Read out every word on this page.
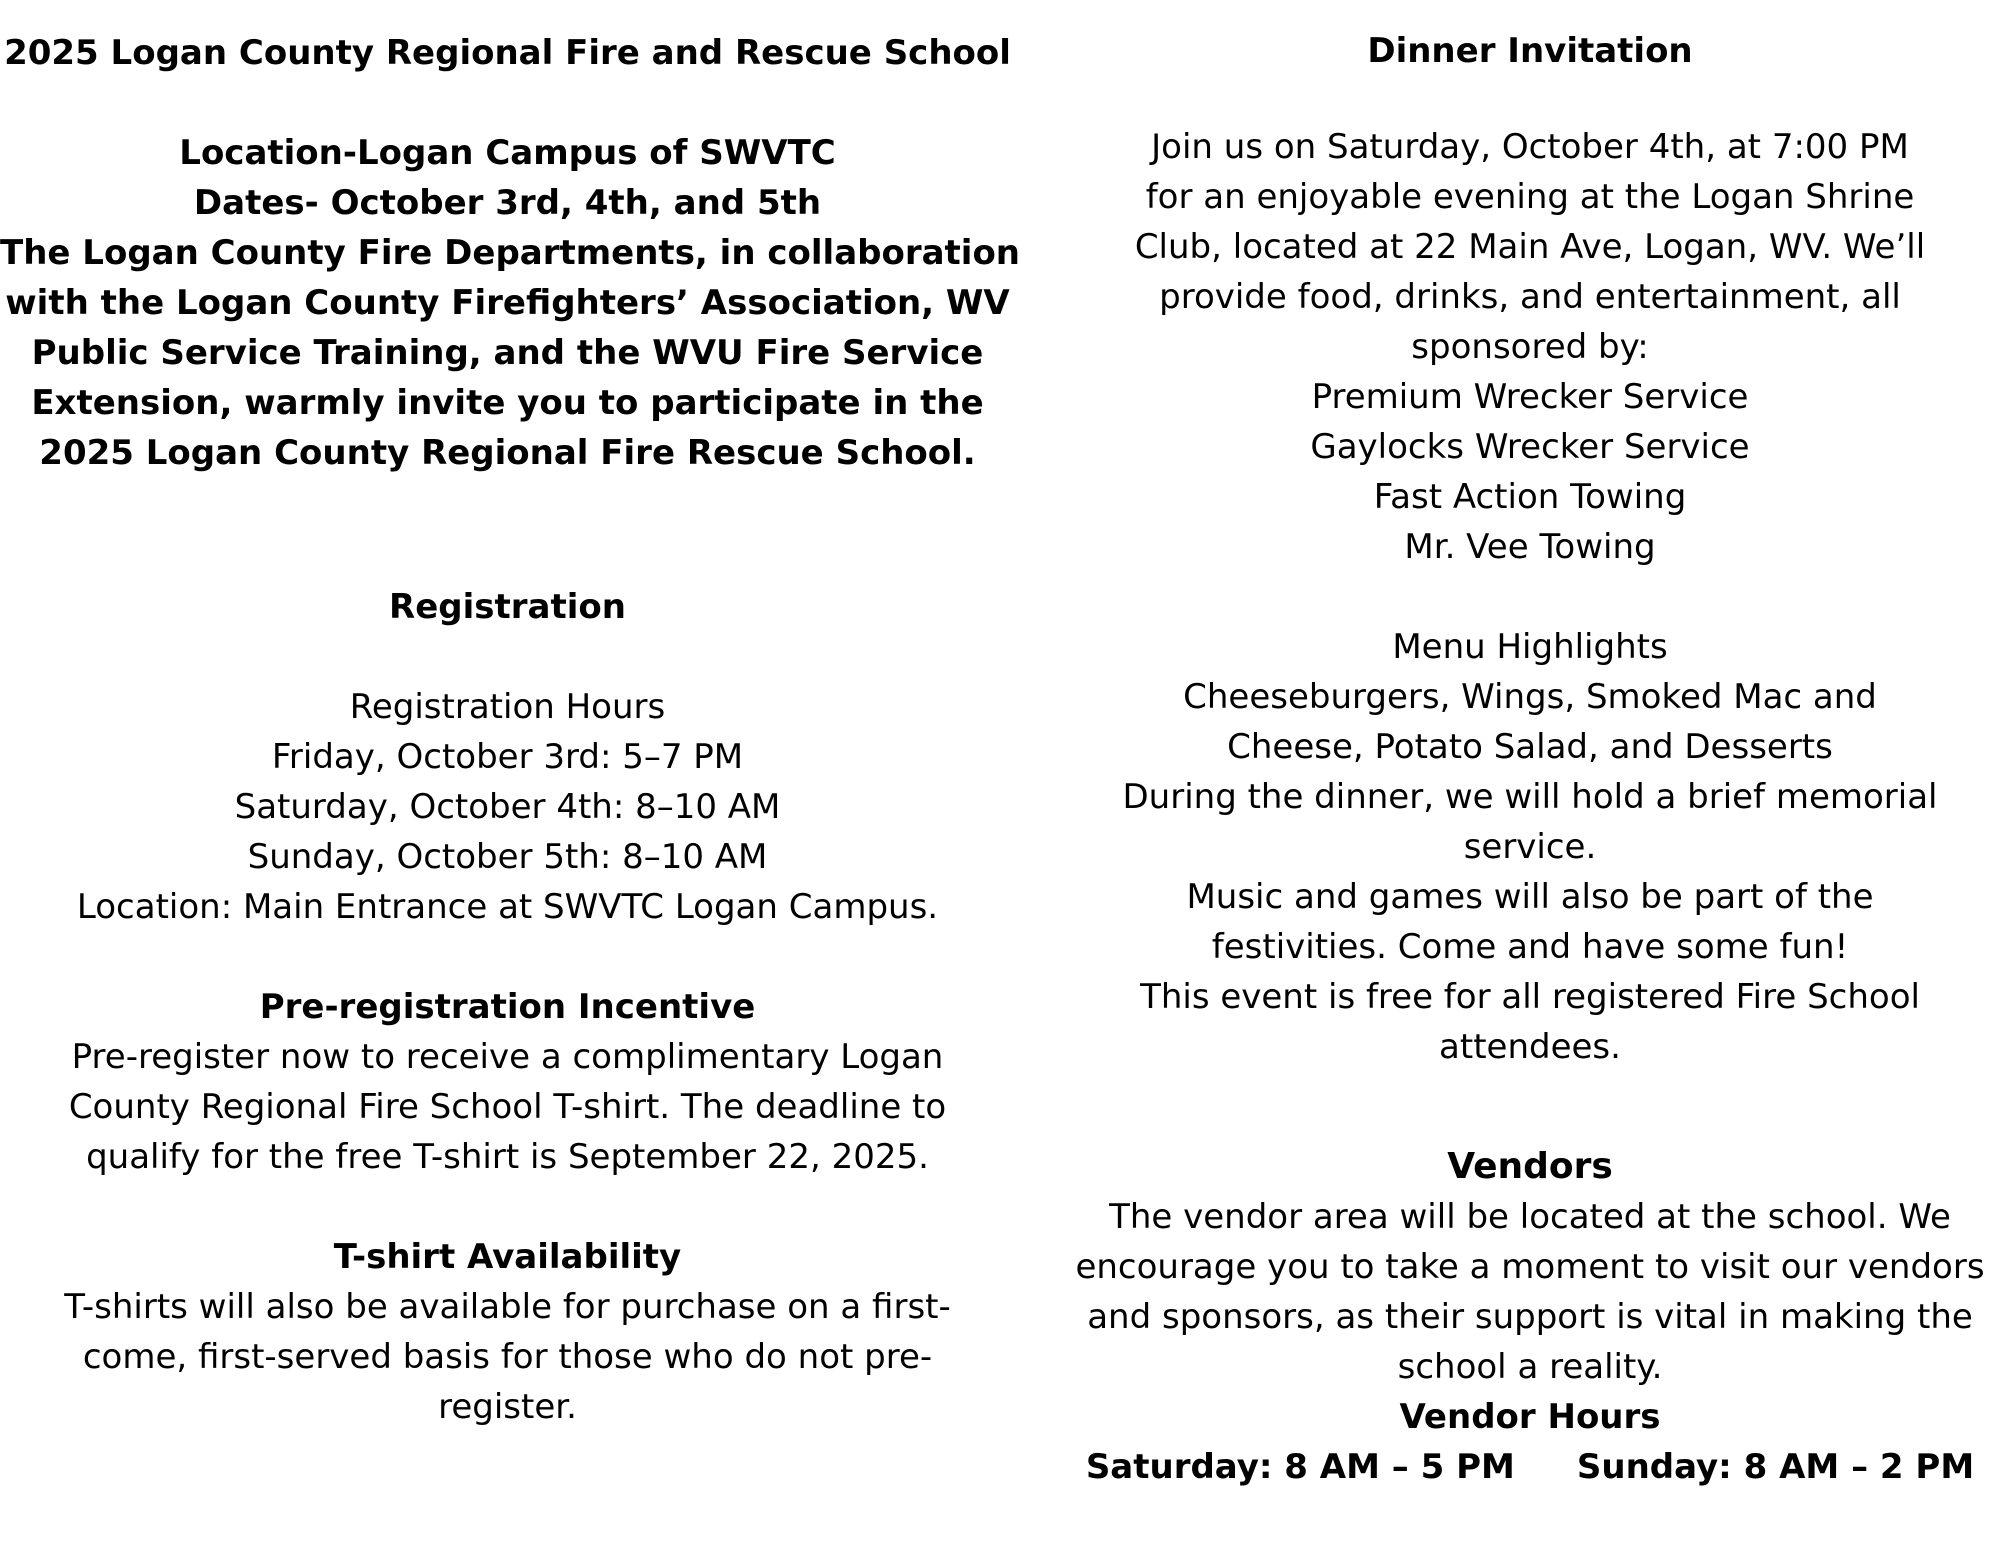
2025 Logan County Regional Fire and Rescue School
Location-Logan Campus of SWVTC
Dates- October 3rd, 4th, and 5th
The Logan County Fire Departments, in collaboration
with the Logan County Firefighters’ Association, WV
Public Service Training, and the WVU Fire Service
Extension, warmly invite you to participate in the
2025 Logan County Regional Fire Rescue School.
Registration
Registration Hours
Friday, October 3rd: 5–7 PM
Saturday, October 4th: 8–10 AM
Sunday, October 5th: 8–10 AM
Location: Main Entrance at SWVTC Logan Campus.
Pre-registration Incentive
Pre-register now to receive a complimentary Logan
County Regional Fire School T-shirt. The deadline to
qualify for the free T-shirt is September 22, 2025.
T-shirt Availability
T-shirts will also be available for purchase on a first-
come, first-served basis for those who do not pre-
register.
Dinner Invitation
Join us on Saturday, October 4th, at 7:00 PM
for an enjoyable evening at the Logan Shrine
Club, located at 22 Main Ave, Logan, WV. We’ll
provide food, drinks, and entertainment, all
sponsored by:
Premium Wrecker Service
Gaylocks Wrecker Service
Fast Action Towing
Mr. Vee Towing
Menu Highlights
Cheeseburgers, Wings, Smoked Mac and
Cheese, Potato Salad, and Desserts
During the dinner, we will hold a brief memorial
service.
Music and games will also be part of the
festivities. Come and have some fun!
This event is free for all registered Fire School
attendees.
Vendors
The vendor area will be located at the school. We
encourage you to take a moment to visit our vendors
and sponsors, as their support is vital in making the
school a reality.
Vendor Hours
Saturday: 8 AM – 5 PM Sunday: 8 AM – 2 PM
